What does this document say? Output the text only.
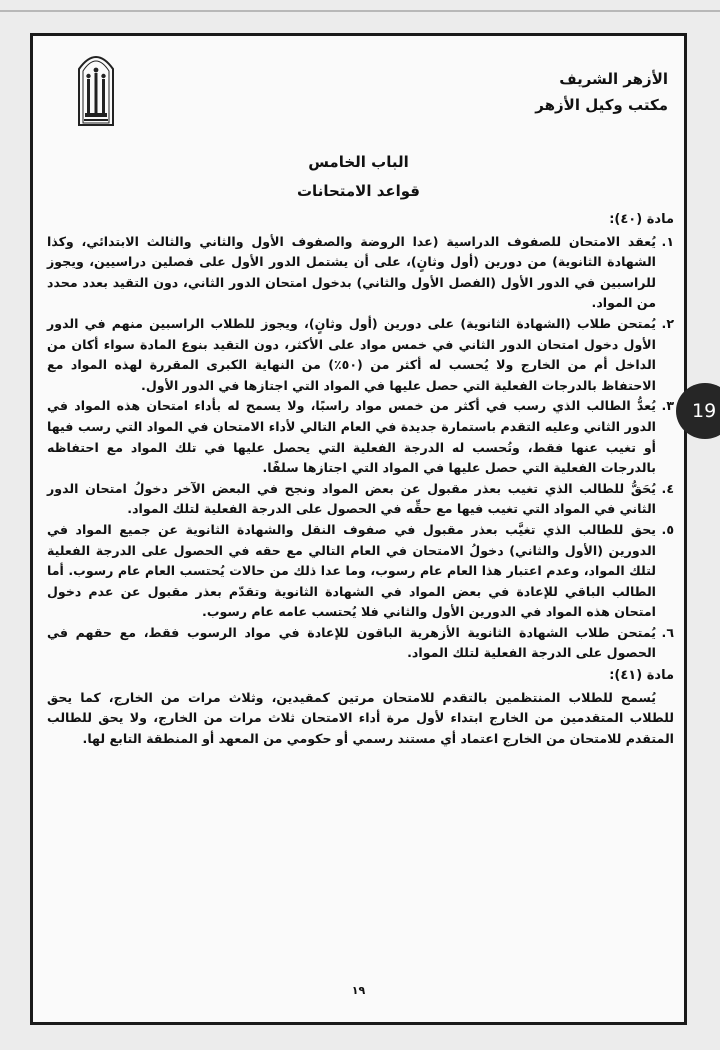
الأزهر الشريف
مكتب وكيل الأزهر
الباب الخامس
قواعد الامتحانات
مادة (٤٠):
١.
يُعقد الامتحان للصفوف الدراسية (عدا الروضة والصفوف الأول والثاني والثالث الابتدائي، وكذا الشهادة الثانوية) من دورين (أول وثانٍ)، على أن يشتمل الدور الأول على فصلين دراسيين، ويجوز للراسبين في الدور الأول (الفصل الأول والثاني) بدخول امتحان الدور الثاني، دون التقيد بعدد محدد من المواد.
٢.
يُمتحن طلاب (الشهادة الثانوية) على دورين (أول وثانٍ)، ويجوز للطلاب الراسبين منهم في الدور الأول دخول امتحان الدور الثاني في خمس مواد على الأكثر، دون التقيد بنوع المادة سواء أكان من الداخل أم من الخارج ولا يُحسب له أكثر من (٥٠٪) من النهاية الكبرى المقررة لهذه المواد مع الاحتفاظ بالدرجات الفعلية التي حصل عليها في المواد التي اجتازها في الدور الأول.
٣.
يُعدُّ الطالب الذي رسب في أكثر من خمس مواد راسبًا، ولا يسمح له بأداء امتحان هذه المواد في الدور الثاني وعليه التقدم باستمارة جديدة في العام التالي لأداء الامتحان في المواد التي رسب فيها أو تغيب عنها فقط، وتُحسب له الدرجة الفعلية التي يحصل عليها في تلك المواد مع احتفاظه بالدرجات الفعلية التي حصل عليها في المواد التي اجتازها سلفًا.
٤.
يُحَقُّ للطالب الذي تغيب بعذر مقبول عن بعض المواد ونجح في البعض الآخر دخولُ امتحان الدور الثاني في المواد التي تغيب فيها مع حقِّه في الحصول على الدرجة الفعلية لتلك المواد.
٥.
يحق للطالب الذي تغيَّب بعذر مقبول في صفوف النقل والشهادة الثانوية عن جميع المواد في الدورين (الأول والثاني) دخولُ الامتحان في العام التالي مع حقه في الحصول على الدرجة الفعلية لتلك المواد، وعدم اعتبار هذا العام عام رسوب، وما عدا ذلك من حالات يُحتسب العام عام رسوب. أما الطالب الباقي للإعادة في بعض المواد في الشهادة الثانوية وتقدّم بعذر مقبول عن عدم دخول امتحان هذه المواد في الدورين الأول والثاني فلا يُحتسب عامه عام رسوب.
٦.
يُمتحن طلاب الشهادة الثانوية الأزهرية الباقون للإعادة في مواد الرسوب فقط، مع حقهم في الحصول على الدرجة الفعلية لتلك المواد.
مادة (٤١):
يُسمح للطلاب المنتظمين بالتقدم للامتحان مرتين كمقيدين، وثلاث مرات من الخارج، كما يحق للطلاب المتقدمين من الخارج ابتداء لأول مرة أداء الامتحان ثلاث مرات من الخارج، ولا يحق للطالب المتقدم للامتحان من الخارج اعتماد أي مستند رسمي أو حكومي من المعهد أو المنطقة التابع لها.
١٩
19
